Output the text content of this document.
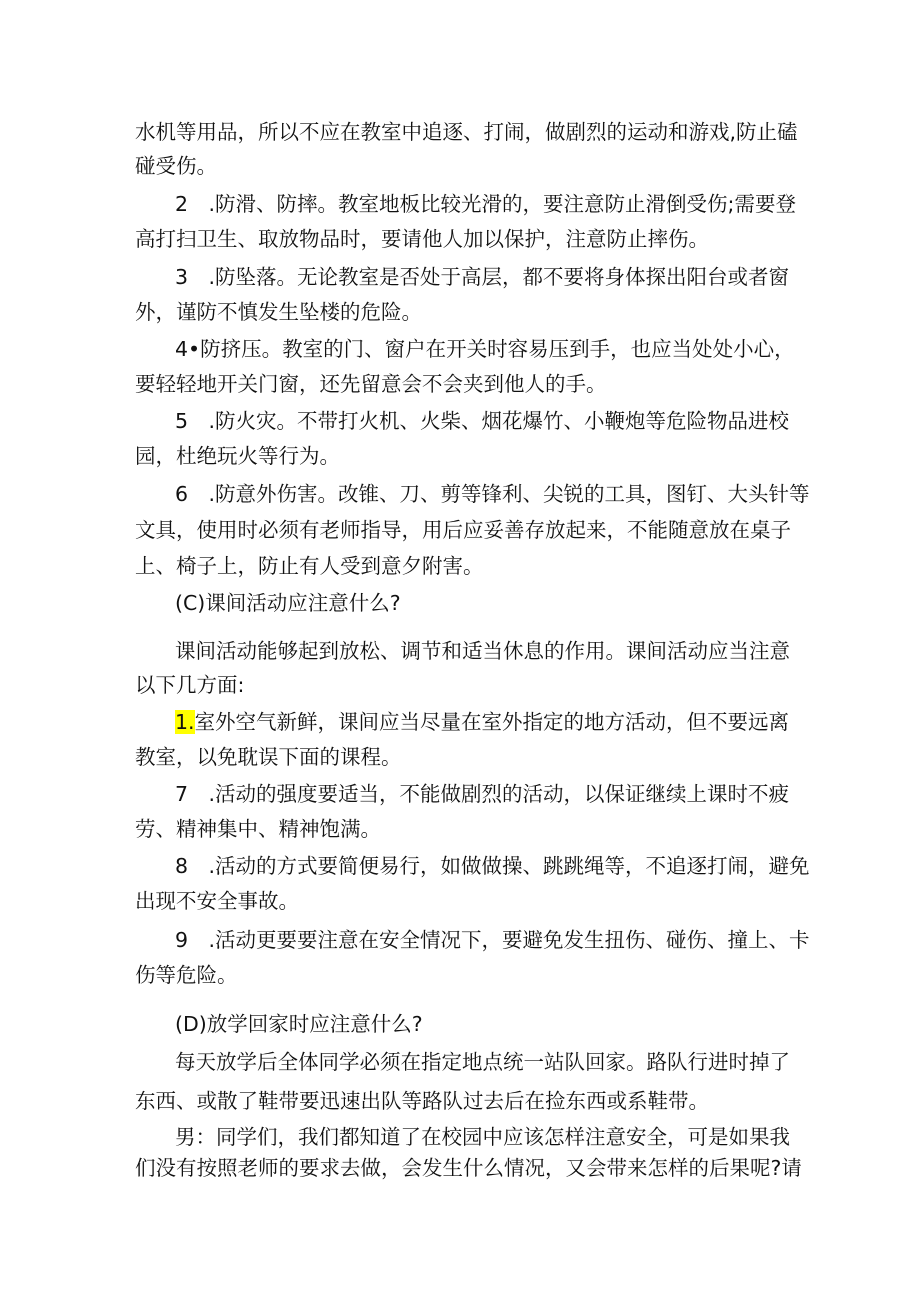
水机等用品，所以不应在教室中追逐、打闹，做剧烈的运动和游戏,防止磕
碰受伤。
2　.防滑、防摔。教室地板比较光滑的，要注意防止滑倒受伤;需要登
高打扫卫生、取放物品时，要请他人加以保护，注意防止摔伤。
3　.防坠落。无论教室是否处于高层，都不要将身体探出阳台或者窗
外，谨防不慎发生坠楼的危险。
4•防挤压。教室的门、窗户在开关时容易压到手，也应当处处小心，
要轻轻地开关门窗，还先留意会不会夹到他人的手。
5　.防火灾。不带打火机、火柴、烟花爆竹、小鞭炮等危险物品进校
园，杜绝玩火等行为。
6　.防意外伤害。改锥、刀、剪等锋利、尖锐的工具，图钉、大头针等
文具，使用时必须有老师指导，用后应妥善存放起来，不能随意放在桌子
上、椅子上，防止有人受到意夕附害。
(C)课间活动应注意什么?
课间活动能够起到放松、调节和适当休息的作用。课间活动应当注意
以下几方面:
1.室外空气新鲜，课间应当尽量在室外指定的地方活动，但不要远离
教室，以免耽误下面的课程。
7　.活动的强度要适当，不能做剧烈的活动，以保证继续上课时不疲
劳、精神集中、精神饱满。
8　.活动的方式要简便易行，如做做操、跳跳绳等，不追逐打闹，避免
出现不安全事故。
9　.活动更要要注意在安全情况下，要避免发生扭伤、碰伤、撞上、卡
伤等危险。
(D)放学回家时应注意什么?
每天放学后全体同学必须在指定地点统一站队回家。路队行进时掉了
东西、或散了鞋带要迅速出队等路队过去后在捡东西或系鞋带。
男：同学们，我们都知道了在校园中应该怎样注意安全，可是如果我
们没有按照老师的要求去做，会发生什么情况，又会带来怎样的后果呢?请
